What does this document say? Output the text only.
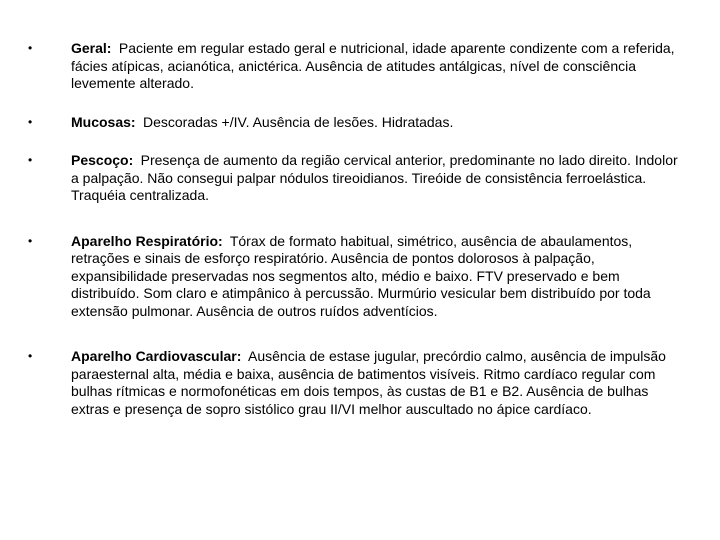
•	Geral: Paciente em regular estado geral e nutricional, idade aparente condizente com a referida, fácies atípicas, acianótica, anictérica. Ausência de atitudes antálgicas, nível de consciência levemente alterado.
•	Mucosas: Descoradas +/IV. Ausência de lesões. Hidratadas.
•	Pescoço: Presença de aumento da região cervical anterior, predominante no lado direito. Indolor a palpação. Não consegui palpar nódulos tireoidianos. Tireóide de consistência ferroelástica. Traquéia centralizada.
•	Aparelho Respiratório: Tórax de formato habitual, simétrico, ausência de abaulamentos, retrações e sinais de esforço respiratório. Ausência de pontos dolorosos à palpação, expansibilidade preservadas nos segmentos alto, médio e baixo. FTV preservado e bem distribuído. Som claro e atimpânico à percussão. Murmúrio vesicular bem distribuído por toda extensão pulmonar. Ausência de outros ruídos adventícios.
•	Aparelho Cardiovascular: Ausência de estase jugular, precórdio calmo, ausência de impulsão paraesternal alta, média e baixa, ausência de batimentos visíveis. Ritmo cardíaco regular com bulhas rítmicas e normofonéticas em dois tempos, às custas de B1 e B2. Ausência de bulhas extras e presença de sopro sistólico grau II/VI melhor auscultado no ápice cardíaco.
